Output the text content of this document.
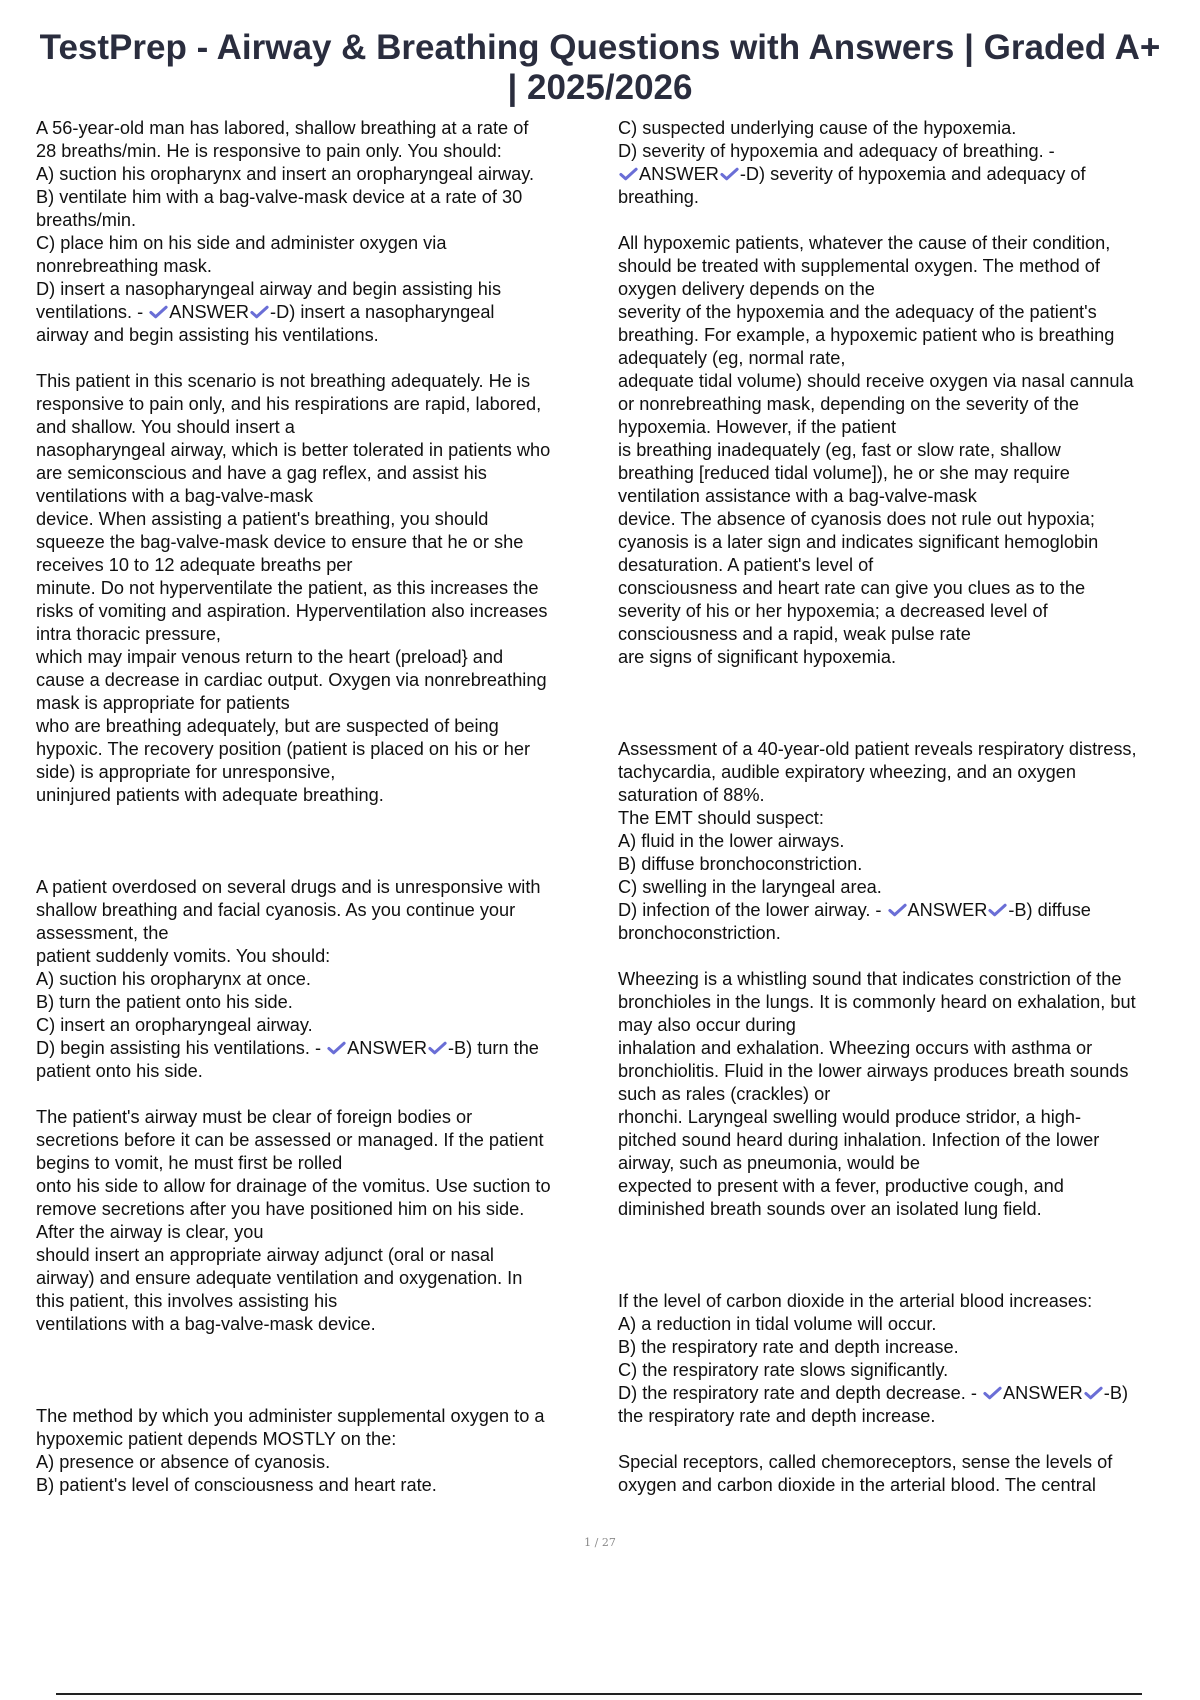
TestPrep - Airway & Breathing Questions with Answers | Graded A+ | 2025/2026
A 56-year-old man has labored, shallow breathing at a rate of
28 breaths/min. He is responsive to pain only. You should:
A) suction his oropharynx and insert an oropharyngeal airway.
B) ventilate him with a bag-valve-mask device at a rate of 30
breaths/min.
C) place him on his side and administer oxygen via
nonrebreathing mask.
D) insert a nasopharyngeal airway and begin assisting his
ventilations. - ANSWER -D) insert a nasopharyngeal
airway and begin assisting his ventilations.
This patient in this scenario is not breathing adequately. He is
responsive to pain only, and his respirations are rapid, labored,
and shallow. You should insert a
nasopharyngeal airway, which is better tolerated in patients who
are semiconscious and have a gag reflex, and assist his
ventilations with a bag-valve-mask
device. When assisting a patient's breathing, you should
squeeze the bag-valve-mask device to ensure that he or she
receives 10 to 12 adequate breaths per
minute. Do not hyperventilate the patient, as this increases the
risks of vomiting and aspiration. Hyperventilation also increases
intra thoracic pressure,
which may impair venous return to the heart (preload} and
cause a decrease in cardiac output. Oxygen via nonrebreathing
mask is appropriate for patients
who are breathing adequately, but are suspected of being
hypoxic. The recovery position (patient is placed on his or her
side) is appropriate for unresponsive,
uninjured patients with adequate breathing.
A patient overdosed on several drugs and is unresponsive with
shallow breathing and facial cyanosis. As you continue your
assessment, the
patient suddenly vomits. You should:
A) suction his oropharynx at once.
B) turn the patient onto his side.
C) insert an oropharyngeal airway.
D) begin assisting his ventilations. - ANSWER -B) turn the
patient onto his side.
The patient's airway must be clear of foreign bodies or
secretions before it can be assessed or managed. If the patient
begins to vomit, he must first be rolled
onto his side to allow for drainage of the vomitus. Use suction to
remove secretions after you have positioned him on his side.
After the airway is clear, you
should insert an appropriate airway adjunct (oral or nasal
airway) and ensure adequate ventilation and oxygenation. In
this patient, this involves assisting his
ventilations with a bag-valve-mask device.
The method by which you administer supplemental oxygen to a
hypoxemic patient depends MOSTLY on the:
A) presence or absence of cyanosis.
B) patient's level of consciousness and heart rate.
C) suspected underlying cause of the hypoxemia.
D) severity of hypoxemia and adequacy of breathing. -
ANSWER -D) severity of hypoxemia and adequacy of
breathing.
All hypoxemic patients, whatever the cause of their condition,
should be treated with supplemental oxygen. The method of
oxygen delivery depends on the
severity of the hypoxemia and the adequacy of the patient's
breathing. For example, a hypoxemic patient who is breathing
adequately (eg, normal rate,
adequate tidal volume) should receive oxygen via nasal cannula
or nonrebreathing mask, depending on the severity of the
hypoxemia. However, if the patient
is breathing inadequately (eg, fast or slow rate, shallow
breathing [reduced tidal volume]), he or she may require
ventilation assistance with a bag-valve-mask
device. The absence of cyanosis does not rule out hypoxia;
cyanosis is a later sign and indicates significant hemoglobin
desaturation. A patient's level of
consciousness and heart rate can give you clues as to the
severity of his or her hypoxemia; a decreased level of
consciousness and a rapid, weak pulse rate
are signs of significant hypoxemia.
Assessment of a 40-year-old patient reveals respiratory distress,
tachycardia, audible expiratory wheezing, and an oxygen
saturation of 88%.
The EMT should suspect:
A) fluid in the lower airways.
B) diffuse bronchoconstriction.
C) swelling in the laryngeal area.
D) infection of the lower airway. - ANSWER -B) diffuse
bronchoconstriction.
Wheezing is a whistling sound that indicates constriction of the
bronchioles in the lungs. It is commonly heard on exhalation, but
may also occur during
inhalation and exhalation. Wheezing occurs with asthma or
bronchiolitis. Fluid in the lower airways produces breath sounds
such as rales (crackles) or
rhonchi. Laryngeal swelling would produce stridor, a high-
pitched sound heard during inhalation. Infection of the lower
airway, such as pneumonia, would be
expected to present with a fever, productive cough, and
diminished breath sounds over an isolated lung field.
If the level of carbon dioxide in the arterial blood increases:
A) a reduction in tidal volume will occur.
B) the respiratory rate and depth increase.
C) the respiratory rate slows significantly.
D) the respiratory rate and depth decrease. - ANSWER -B)
the respiratory rate and depth increase.
Special receptors, called chemoreceptors, sense the levels of
oxygen and carbon dioxide in the arterial blood. The central
1 / 27
